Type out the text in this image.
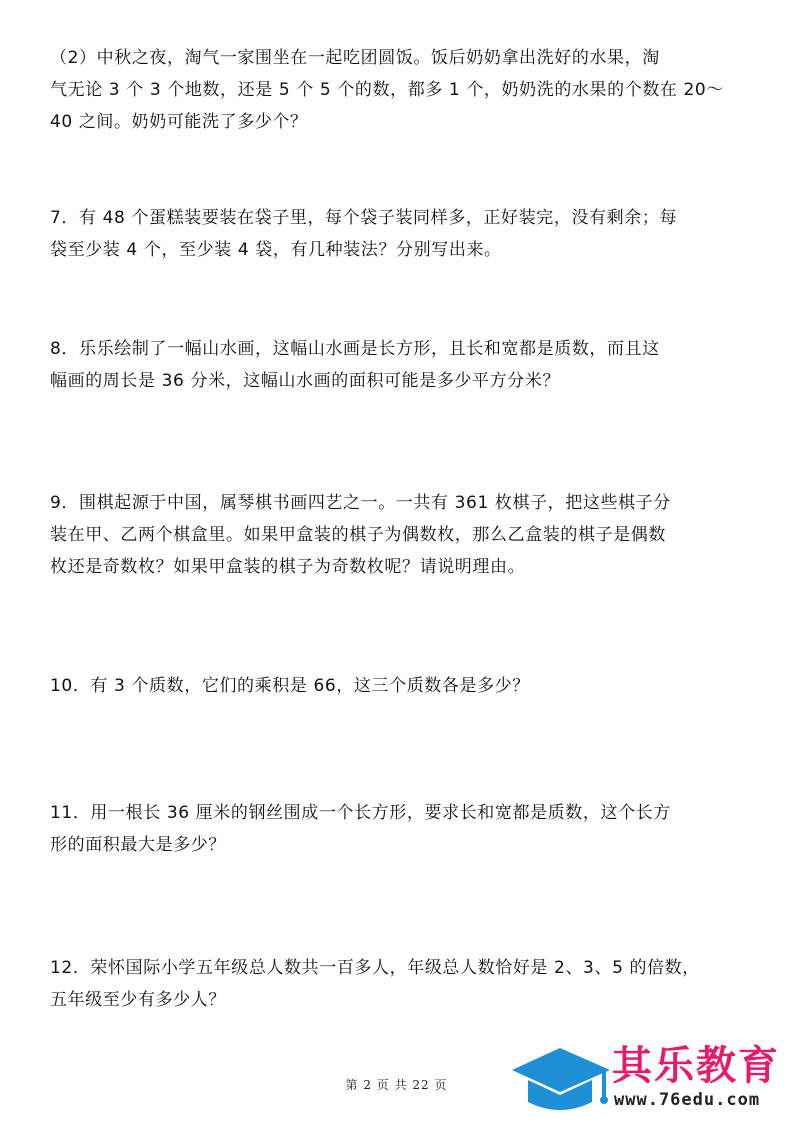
（2）中秋之夜，淘气一家围坐在一起吃团圆饭。饭后奶奶拿出洗好的水果，淘
气无论 3 个 3 个地数，还是 5 个 5 个的数，都多 1 个，奶奶洗的水果的个数在 20～
40 之间。奶奶可能洗了多少个？
7．有 48 个蛋糕装要装在袋子里，每个袋子装同样多，正好装完，没有剩余；每
袋至少装 4 个，至少装 4 袋，有几种装法？分别写出来。
8．乐乐绘制了一幅山水画，这幅山水画是长方形，且长和宽都是质数，而且这
幅画的周长是 36 分米，这幅山水画的面积可能是多少平方分米？
9．围棋起源于中国，属琴棋书画四艺之一。一共有 361 枚棋子，把这些棋子分
装在甲、乙两个棋盒里。如果甲盒装的棋子为偶数枚，那么乙盒装的棋子是偶数
枚还是奇数枚？如果甲盒装的棋子为奇数枚呢？请说明理由。
10．有 3 个质数，它们的乘积是 66，这三个质数各是多少？
11．用一根长 36 厘米的钢丝围成一个长方形，要求长和宽都是质数，这个长方
形的面积最大是多少？
12．荣怀国际小学五年级总人数共一百多人，年级总人数恰好是 2、3、5 的倍数，
五年级至少有多少人？
第 2 页 共 22 页	其乐教育
www.76edu.com
